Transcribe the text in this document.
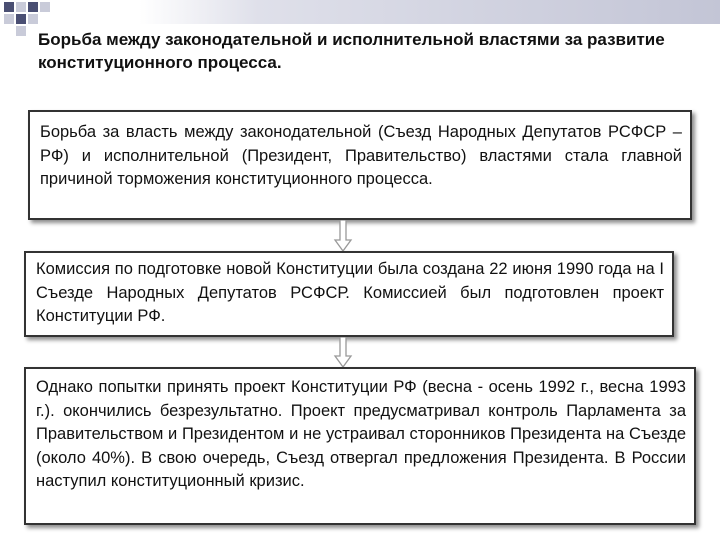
Борьба между законодательной и исполнительной властями за развитие конституционного процесса.

Борьба за власть между законодательной (Съезд Народных Депутатов РСФСР – РФ) и исполнительной (Президент, Правительство) властями стала главной причиной торможения конституционного процесса.
Комиссия по подготовке новой Конституции была создана 22 июня 1990 года на I Съезде Народных Депутатов РСФСР. Комиссией был подготовлен проект Конституции РФ.
Однако попытки принять проект Конституции РФ (весна - осень 1992 г., весна 1993 г.). окончились безрезультатно. Проект предусматривал контроль Парламента за Правительством и Президентом и не устраивал сторонников Президента на Съезде (около 40%). В свою очередь, Съезд отвергал предложения Президента. В России наступил конституционный кризис.
